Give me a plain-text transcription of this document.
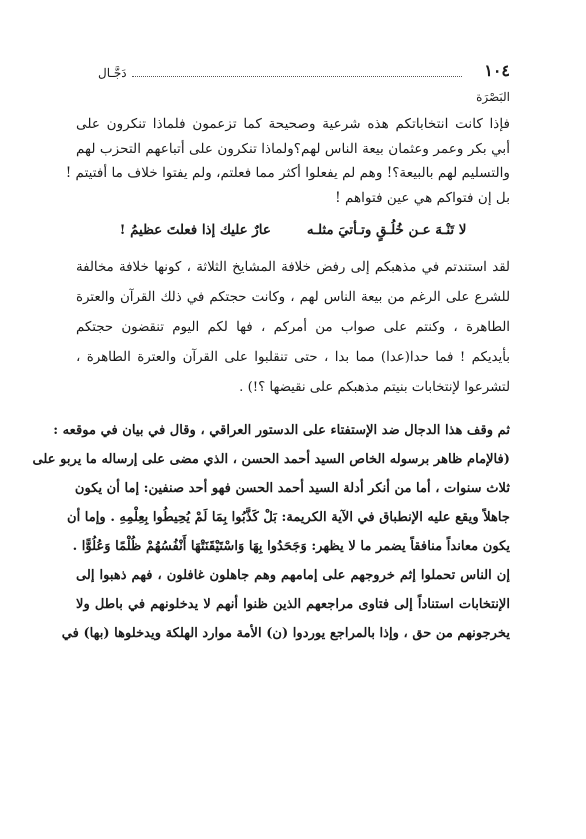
١٠٤
دَجَّـال
البَصْرَة
فإذا كانت انتخاباتكم هذه شرعية وصحيحة كما تزعمون فلماذا تنكرون على
أبي بكر وعمر وعثمان بيعة الناس لهم؟ولماذا تنكرون على أتباعهم التحزب لهم
والتسليم لهم بالبيعة؟! وهم لم يفعلوا أكثر مما فعلتم، ولم يفتوا خلاف ما أفتيتم !
بل إن فتواكم هي عين فتواهم !
لا تَنْـهَ عـن خُلُـقٍ وتـأتيَ مثلـه
عارٌ عليك إذا فعلتَ عظيمُ !
لقد استندتم في مذهبكم إلى رفض خلافة المشايخ الثلاثة ، كونها خلافة مخالفة
للشرع على الرغم من بيعة الناس لهم ، وكانت حجتكم في ذلك القرآن والعترة
الطاهرة ، وكنتم على صواب من أمركم ، فها لكم اليوم تنقضون حجتكم
بأيديكم ! فما حدا(عدا) مما بدا ، حتى تنقلبوا على القرآن والعترة الطاهرة ،
لتشرعوا لإنتخابات بنيتم مذهبكم على نقيضها ؟!) .
ثم وقف هذا الدجال ضد الإستفتاء على الدستور العراقي ، وقال في بيان في موقعه :
(فالإمام ظاهر برسوله الخاص السيد أحمد الحسن ، الذي مضى على إرساله ما يربو على
ثلاث سنوات ، أما من أنكر أدلة السيد أحمد الحسن فهو أحد صنفين: إما أن يكون
جاهلاً ويقع عليه الإنطباق في الآية الكريمة: بَلْ كَذَّبُوا بِمَا لَمْ يُحِيطُوا بِعِلْمِهِ . وإما أن
يكون معانداً منافقاً يضمر ما لا يظهر: وَجَحَدُوا بِهَا وَاسْتَيْقَنَتْهَا أَنْفُسُهُمْ ظُلْمًا وَعُلُوًّا .
إن الناس تحملوا إثم خروجهم على إمامهم وهم جاهلون غافلون ، فهم ذهبوا إلى
الإنتخابات استناداً إلى فتاوى مراجعهم الذين ظنوا أنهم لا يدخلونهم في باطل ولا
يخرجونهم من حق ، وإذا بالمراجع يوردوا (ن) الأمة موارد الهلكة ويدخلوها (بها) في
